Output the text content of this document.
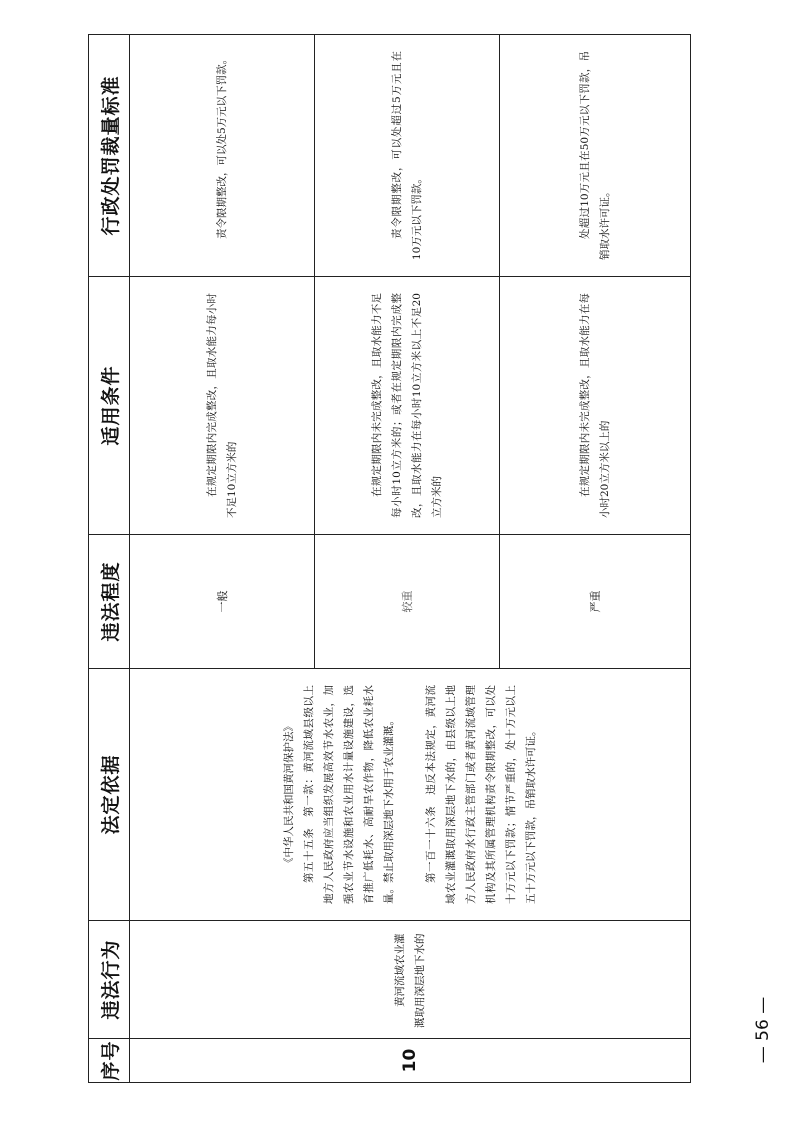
序号	违法行为	法定依据	违法程度	适用条件	行政处罚裁量标准
10	黄河流域农业灌溉取用深层地下水的	《中华人民共和国黄河保护法》 第五十五条　第一款：黄河流域县级以上地方人民政府应当组织发展高效节水农业，加强农业节水设施和农业用水计量设施建设，选育推广低耗水、高耐旱农作物，降低农业耗水量。禁止取用深层地下水用于农业灌溉。 第一百一十六条　违反本法规定，黄河流域农业灌溉取用深层地下水的，由县级以上地方人民政府水行政主管部门或者黄河流域管理机构及其所属管理机构责令限期整改，可以处十万元以下罚款；情节严重的，处十万元以上五十万元以下罚款，吊销取水许可证。	一般	在规定期限内完成整改，且取水能力每小时不足10立方米的	责令限期整改，可以处5万元以下罚款。
			较重	在规定期限内未完成整改，且取水能力不足每小时10立方米的；或者在规定期限内完成整改，且取水能力在每小时10立方米以上不足20立方米的	责令限期整改，可以处超过5万元且在10万元以下罚款。
			严重	在规定期限内未完成整改，且取水能力在每小时20立方米以上的	处超过10万元且在50万元以下罚款，吊销取水许可证。
— 56 —
